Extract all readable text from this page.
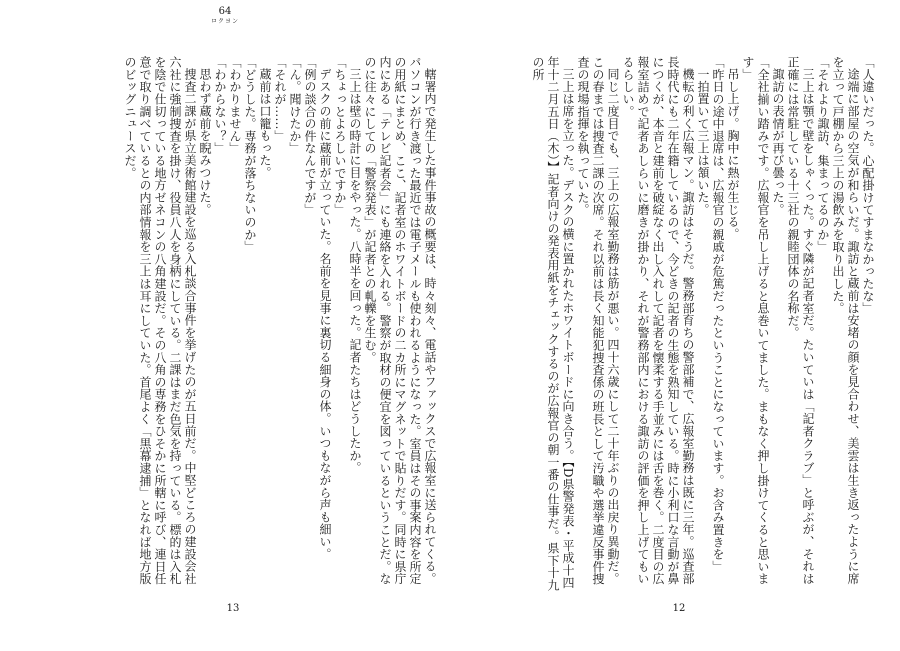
64
ロクヨン

「人違いだった。心配掛けてすまなかったな」

途端に部屋の空気が和らいだ。諏訪と蔵前は安堵の顔を見合わせ、美雲は生き返ったように席を立って戸棚から三上の湯飲みを取り出した。

「それより諏訪、集まってるのか」

三上は顎で壁をしゃくった。すぐ隣が記者室だ。たいていは「記者クラブ」と呼ぶが、それは正確には常駐している十三社の親睦団体の名称だ。

諏訪の表情が再び曇った。

「全社揃い踏みです。広報官を吊し上げると息巻いてました。まもなく押し掛けてくると思います」

吊し上げ。胸中に熱が生じる。

「昨日の途中退席は、広報官の親戚が危篤だったということになっています。お含み置きを」

一拍置いて三上は頷いた。

機転の利く広報マン。諏訪はそうだ。警務部育ちの警部補で、広報室勤務は既に三年。巡査部長時代にも二年在籍しているので、今どきの記者の生態を熟知している。時に小利口な言動が鼻につくが、本音と建前を破綻なく出し入れして記者を懐柔する手並みには舌を巻く。二度目の広報室詰めで記者あしらいに磨きが掛かり、それが警務部内における諏訪の評価を押し上げてもいるらしい。

同じ二度目でも、三上の広報室勤務は筋が悪い。四十六歳にして二十年ぶりの出戻り異動だ。この春までは捜査二課の次席。それ以前は長く知能犯捜査係の班長として汚職や選挙違反事件捜査の現場指揮を執っていた。

三上は席を立った。デスクの横に置かれたホワイトボードに向き合う。【D県警発表・平成十四年十二月五日（木）】記者向けの発表用紙をチェックするのが広報官の朝一番の仕事だ。県下十九の所

轄署内で発生した事件事故の概要は、時々刻々、電話やファックスで広報室に送られてくる。パソコンが行き渡った最近では電子メールも使われるようになった。室員はその事案内容を所定の用紙にまとめ、ここ、記者室のホワイトボードの二カ所にマグネットで貼りだす。同時に県庁内にある「テレビ記者会」にも連絡を入れる。警察が取材の便宜を図っているということだ。なのに往々にしての「警察発表」が記者との軋轢を生む。

三上は壁の時計に目をやった。八時半を回った。記者たちはどうしたか。

「ちょっとよろしいですか」

デスクの前に蔵前が立っていた。名前を見事に裏切る細身の体。いつもながら声も細い。

「例の談合の件なんですが」

「ん。聞けたか」

「それが……」

蔵前は口籠もった。

「どうした。専務が落ちないのか」

「わかりません」

「わからない？」

思わず蔵前を睨みつけた。

捜査二課が県立美術館建設を巡る入札談合事件を挙げたのが五日前だ。中堅どころの建設会社六社に強制捜査を掛け、役員八人を身柄にしている。二課はまだ色気を持っている。標的は入札を陰で仕切っている地方ゼネコンの八角建設だ。その八角の専務をひそかに所轄に呼び、連日任意で取り調べているとの内部情報を三上は耳にしていた。首尾よく「黒幕逮捕」となれば地方版のビッグニュースだ。

13	12
